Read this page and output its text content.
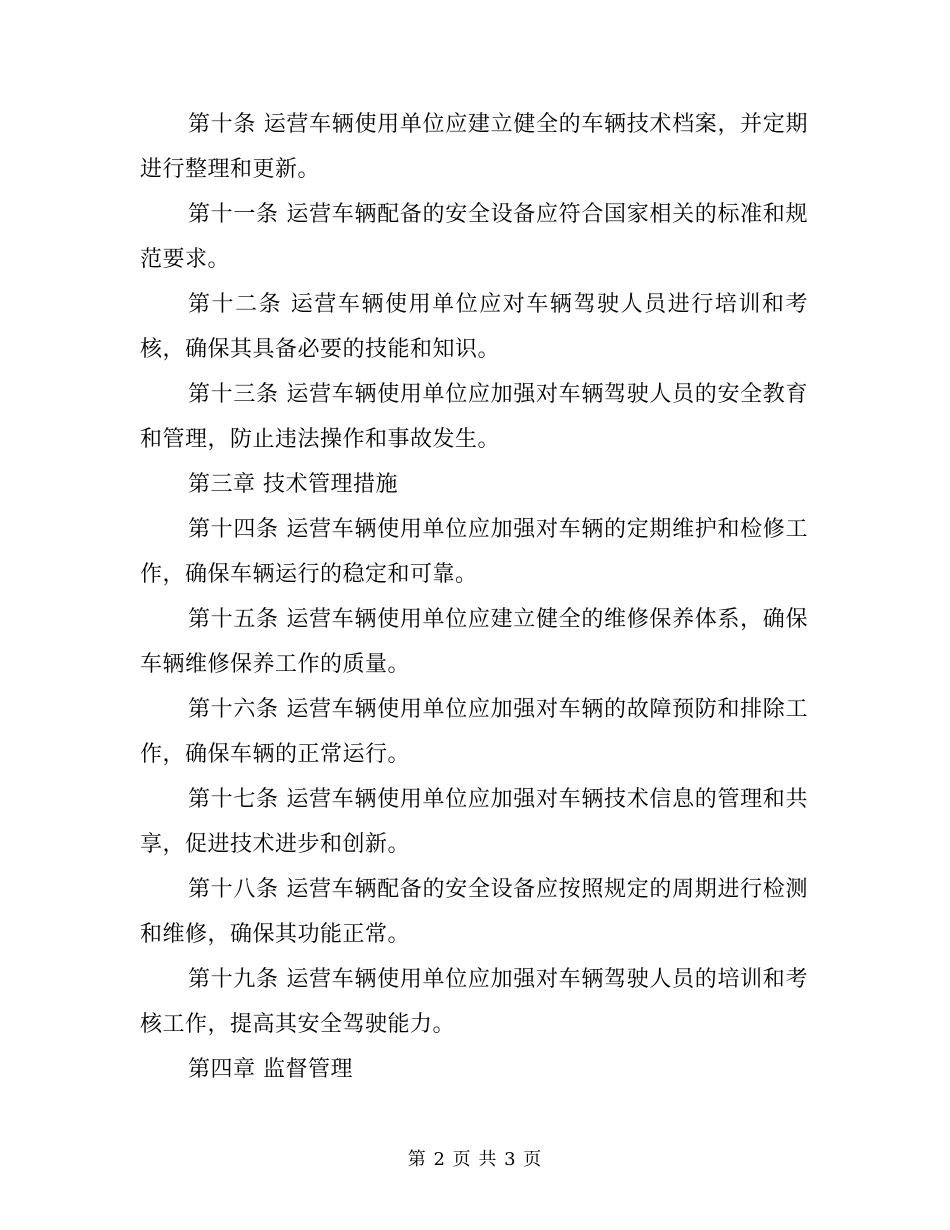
第十条 运营车辆使用单位应建立健全的车辆技术档案，并定期进行整理和更新。

第十一条 运营车辆配备的安全设备应符合国家相关的标准和规范要求。

第十二条 运营车辆使用单位应对车辆驾驶人员进行培训和考核，确保其具备必要的技能和知识。

第十三条 运营车辆使用单位应加强对车辆驾驶人员的安全教育和管理，防止违法操作和事故发生。

第三章 技术管理措施

第十四条 运营车辆使用单位应加强对车辆的定期维护和检修工作，确保车辆运行的稳定和可靠。

第十五条 运营车辆使用单位应建立健全的维修保养体系，确保车辆维修保养工作的质量。

第十六条 运营车辆使用单位应加强对车辆的故障预防和排除工作，确保车辆的正常运行。

第十七条 运营车辆使用单位应加强对车辆技术信息的管理和共享，促进技术进步和创新。

第十八条 运营车辆配备的安全设备应按照规定的周期进行检测和维修，确保其功能正常。

第十九条 运营车辆使用单位应加强对车辆驾驶人员的培训和考核工作，提高其安全驾驶能力。

第四章 监督管理

第 2 页 共 3 页
